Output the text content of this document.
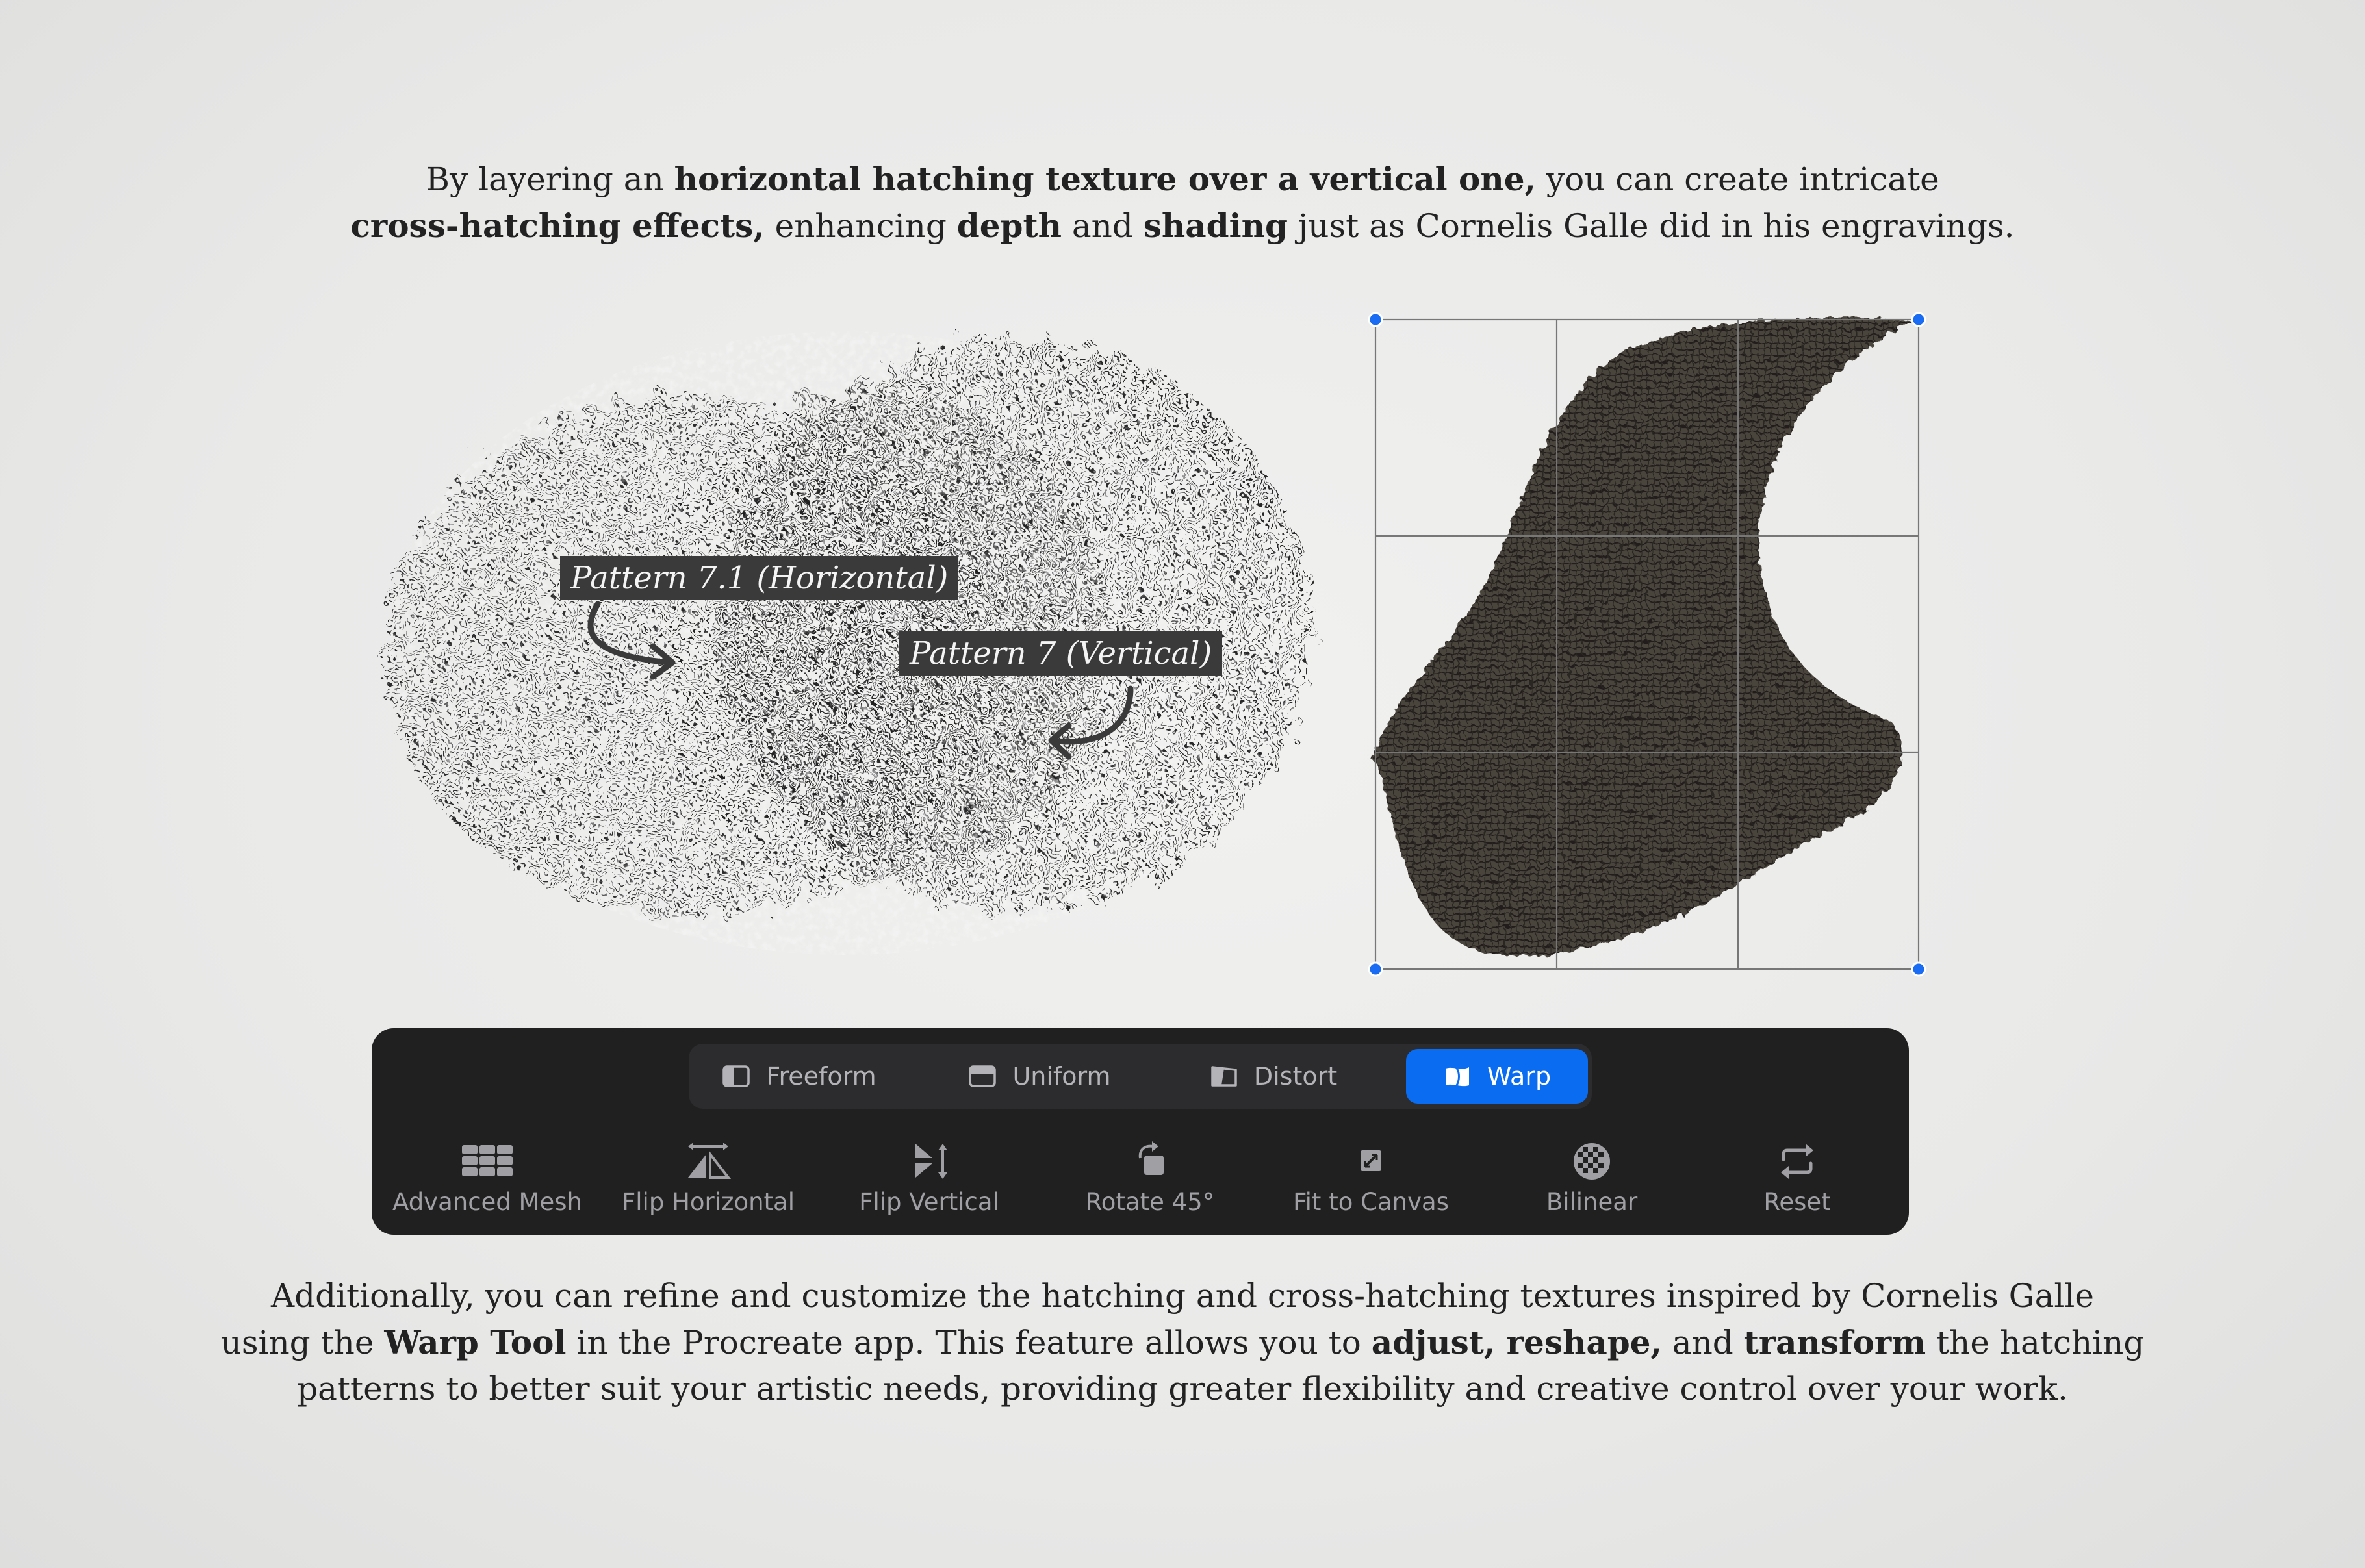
By layering an horizontal hatching texture over a vertical one, you can create intricate
cross-hatching effects, enhancing depth and shading just as Cornelis Galle did in his engravings.
Pattern 7.1 (Horizontal)
Pattern 7 (Vertical)
Freeform	Uniform	Distort	Warp
Advanced Mesh	Flip Horizontal	Flip Vertical	Rotate 45°	Fit to Canvas	Bilinear	Reset
Additionally, you can refine and customize the hatching and cross-hatching textures inspired by Cornelis Galle
using the Warp Tool in the Procreate app. This feature allows you to adjust, reshape, and transform the hatching
patterns to better suit your artistic needs, providing greater flexibility and creative control over your work.
